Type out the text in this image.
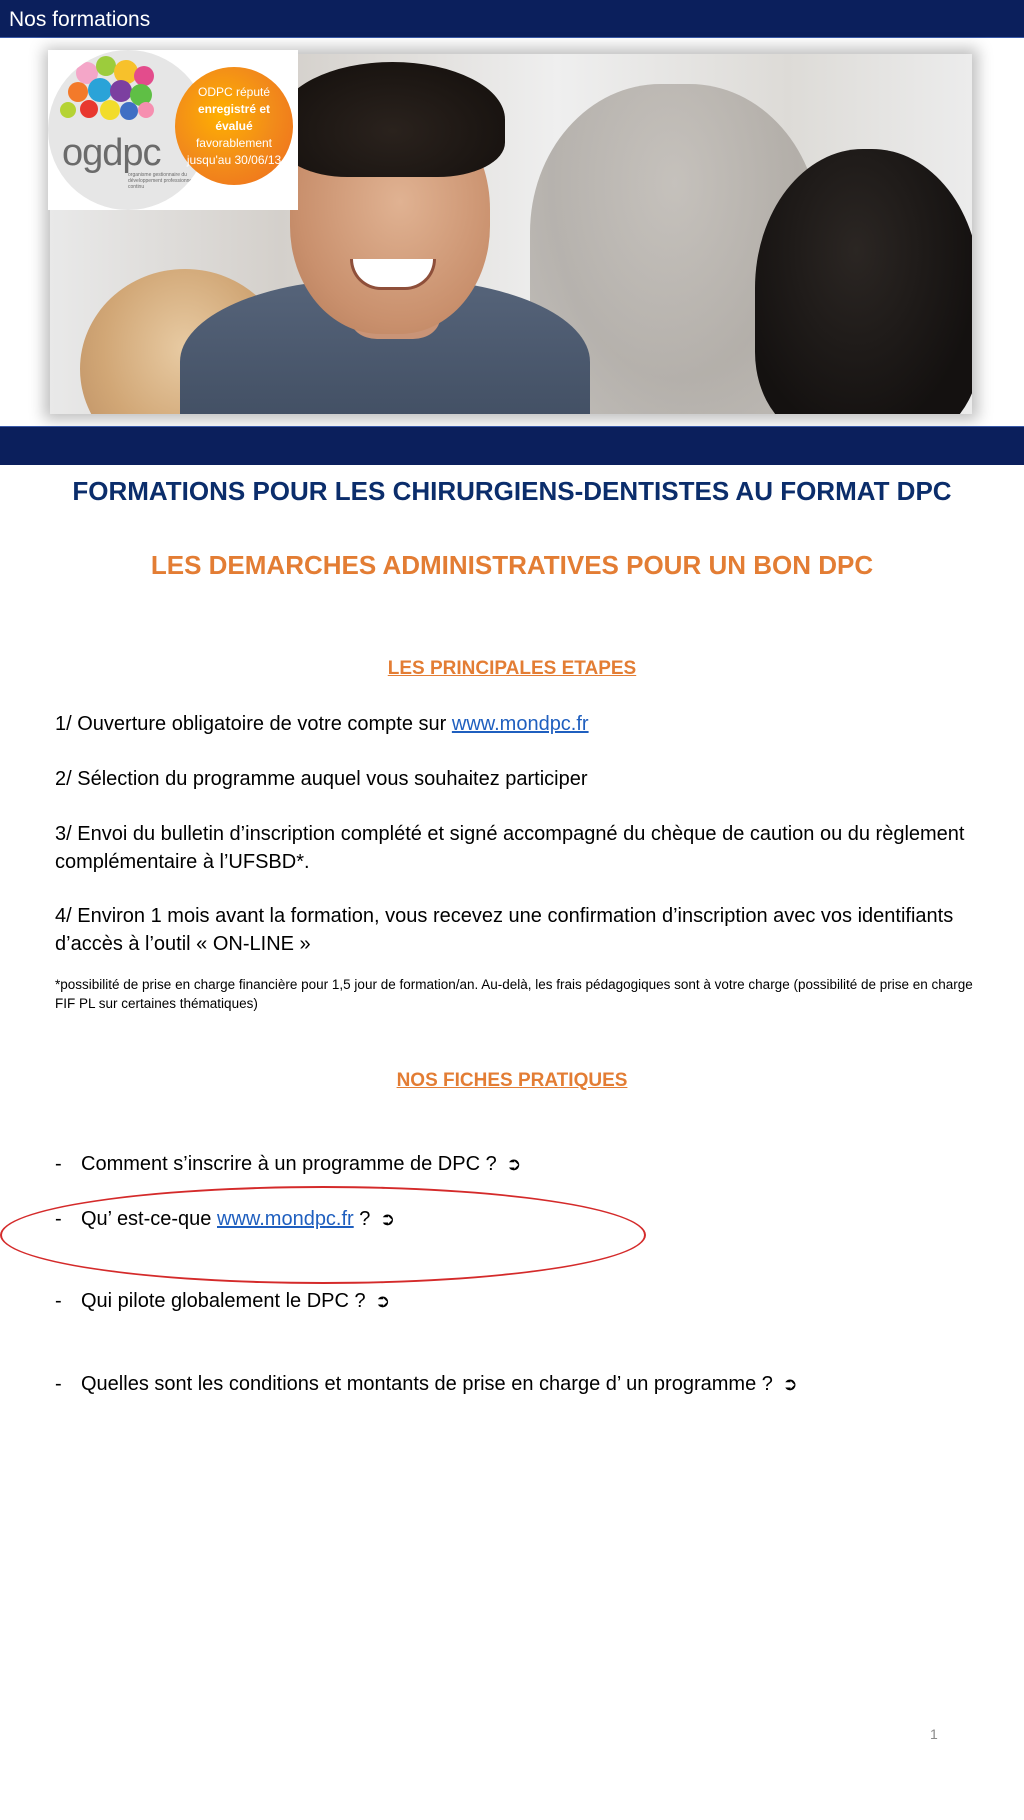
Nos formations
ogdpc
organisme gestionnaire du développement professionnel continu
ODPC réputé
enregistré et évalué
favorablement
jusqu'au 30/06/13
FORMATIONS POUR LES CHIRURGIENS-DENTISTES AU FORMAT DPC
LES DEMARCHES ADMINISTRATIVES POUR UN BON DPC
LES PRINCIPALES ETAPES
1/ Ouverture obligatoire de votre compte sur www.mondpc.fr
2/ Sélection du programme auquel vous souhaitez participer
3/ Envoi du bulletin d’inscription complété et signé accompagné du chèque de caution ou du règlement complémentaire à l’UFSBD*.
4/ Environ 1 mois avant la formation, vous recevez une confirmation d’inscription avec vos identifiants d’accès à l’outil « ON-LINE »
*possibilité de prise en charge financière pour 1,5 jour de formation/an. Au-delà, les frais pédagogiques sont à votre charge (possibilité de prise en charge FIF PL sur certaines thématiques)
NOS FICHES PRATIQUES
- Comment s’inscrire à un programme de DPC ? ➲
- Qu’ est-ce-que www.mondpc.fr ? ➲
- Qui pilote globalement le DPC ? ➲
- Quelles sont les conditions et montants de prise en charge d’ un programme ? ➲
1
